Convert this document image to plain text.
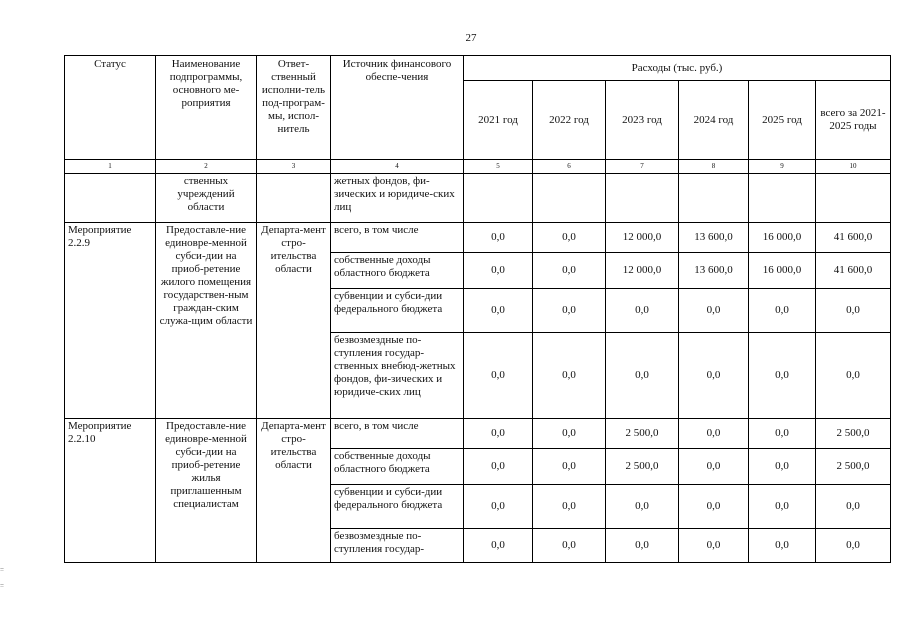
27
=
=
Статус	Наименование подпрограммы, основного ме-роприятия	Ответ-ственный исполни-тель под-програм-мы, испол-нитель	Источник финансового обеспе-чения	Расходы (тыс. руб.)					
				2021 год	2022 год	2023 год	2024 год	2025 год	всего за 2021-2025 годы
1	2	3	4	5	6	7	8	9	10
	ственных учреждений области		жетных фондов, фи-зических и юридиче-ских лиц						
Мероприятие 2.2.9	Предоставле-ние единовре-менной субси-дии на приоб-ретение жилого помещения государствен-ным граждан-ским служа-щим области	Департа-мент стро-ительства области	всего, в том числе	0,0	0,0	12 000,0	13 600,0	16 000,0	41 600,0
			собственные доходы областного бюджета	0,0	0,0	12 000,0	13 600,0	16 000,0	41 600,0
			субвенции и субси-дии федерального бюджета	0,0	0,0	0,0	0,0	0,0	0,0
			безвозмездные по-ступления государ-ственных внебюд-жетных фондов, фи-зических и юридиче-ских лиц	0,0	0,0	0,0	0,0	0,0	0,0
Мероприятие 2.2.10	Предоставле-ние единовре-менной субси-дии на приоб-ретение жилья приглашенным специалистам	Департа-мент стро-ительства области	всего, в том числе	0,0	0,0	2 500,0	0,0	0,0	2 500,0
			собственные доходы областного бюджета	0,0	0,0	2 500,0	0,0	0,0	2 500,0
			субвенции и субси-дии федерального бюджета	0,0	0,0	0,0	0,0	0,0	0,0
			безвозмездные по-ступления государ-	0,0	0,0	0,0	0,0	0,0	0,0
